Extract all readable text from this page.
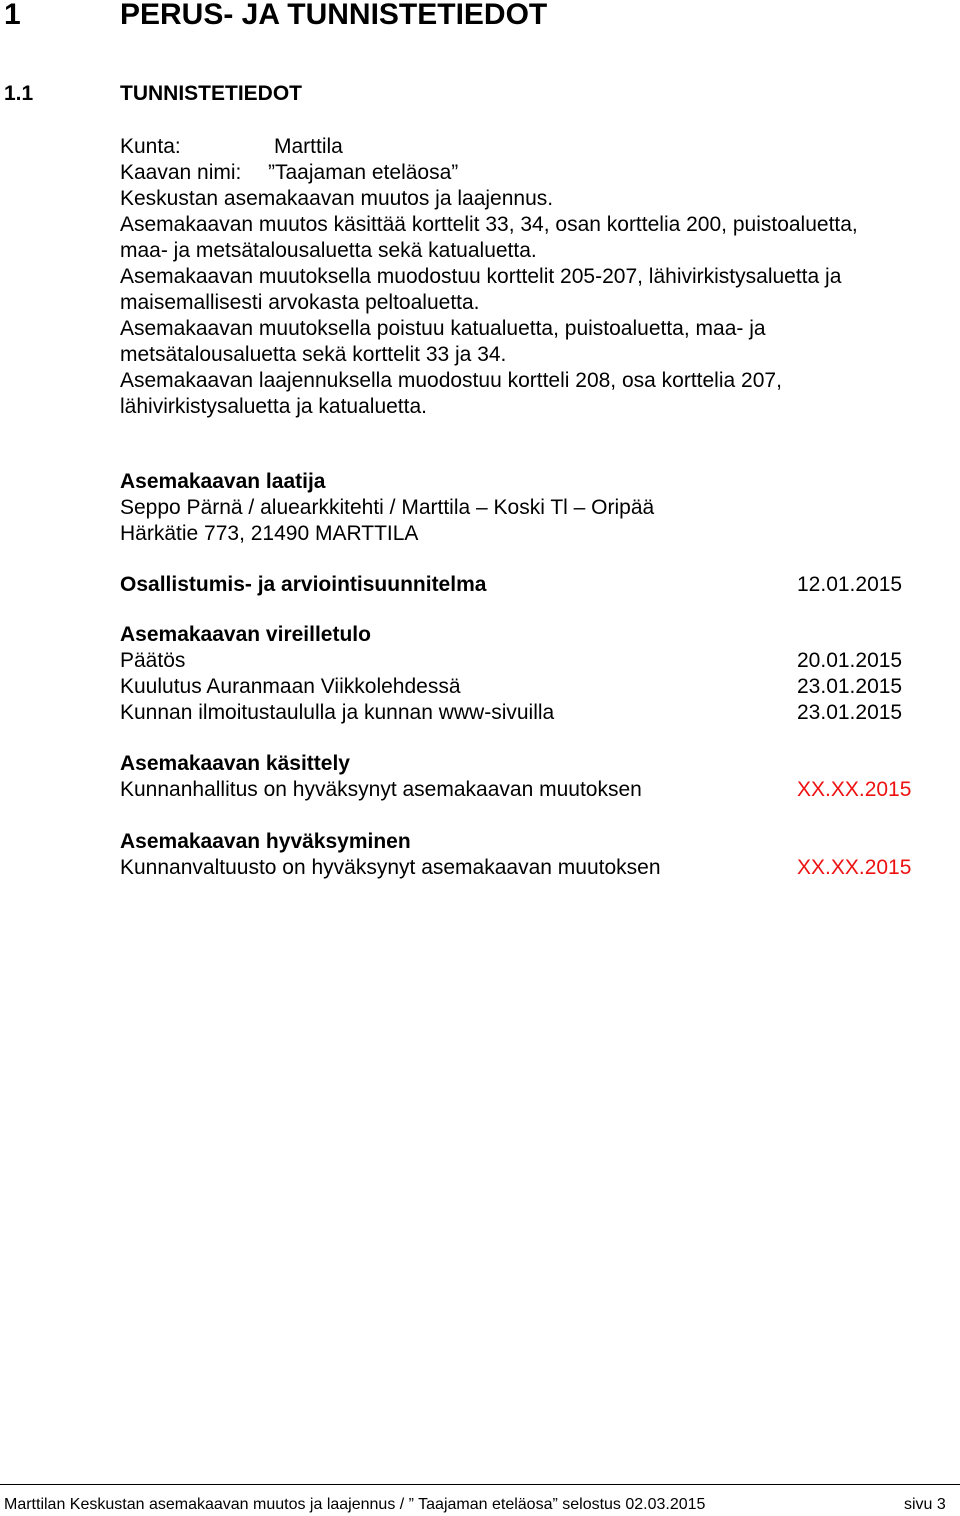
1	PERUS- JA TUNNISTETIEDOT
1.1	TUNNISTETIEDOT
Kunta:	Marttila
Kaavan nimi: ”Taajaman eteläosa”
Keskustan asemakaavan muutos ja laajennus.
Asemakaavan muutos käsittää korttelit 33, 34, osan korttelia 200, puistoaluetta,
maa- ja metsätalousaluetta sekä katualuetta.
Asemakaavan muutoksella muodostuu korttelit 205-207, lähivirkistysaluetta ja
maisemallisesti arvokasta peltoaluetta.
Asemakaavan muutoksella poistuu katualuetta, puistoaluetta, maa- ja
metsätalousaluetta sekä korttelit 33 ja 34.
Asemakaavan laajennuksella muodostuu kortteli 208, osa korttelia 207,
lähivirkistysaluetta ja katualuetta.
Asemakaavan laatija
Seppo Pärnä / aluearkkitehti / Marttila – Koski Tl – Oripää
Härkätie 773, 21490 MARTTILA
Osallistumis- ja arviointisuunnitelma	12.01.2015
Asemakaavan vireilletulo
Päätös	20.01.2015
Kuulutus Auranmaan Viikkolehdessä	23.01.2015
Kunnan ilmoitustaululla ja kunnan www-sivuilla	23.01.2015
Asemakaavan käsittely
Kunnanhallitus on hyväksynyt asemakaavan muutoksen	XX.XX.2015
Asemakaavan hyväksyminen
Kunnanvaltuusto on hyväksynyt asemakaavan muutoksen	XX.XX.2015
Marttilan Keskustan asemakaavan muutos ja laajennus / ” Taajaman eteläosa” selostus 02.03.2015	sivu 3
